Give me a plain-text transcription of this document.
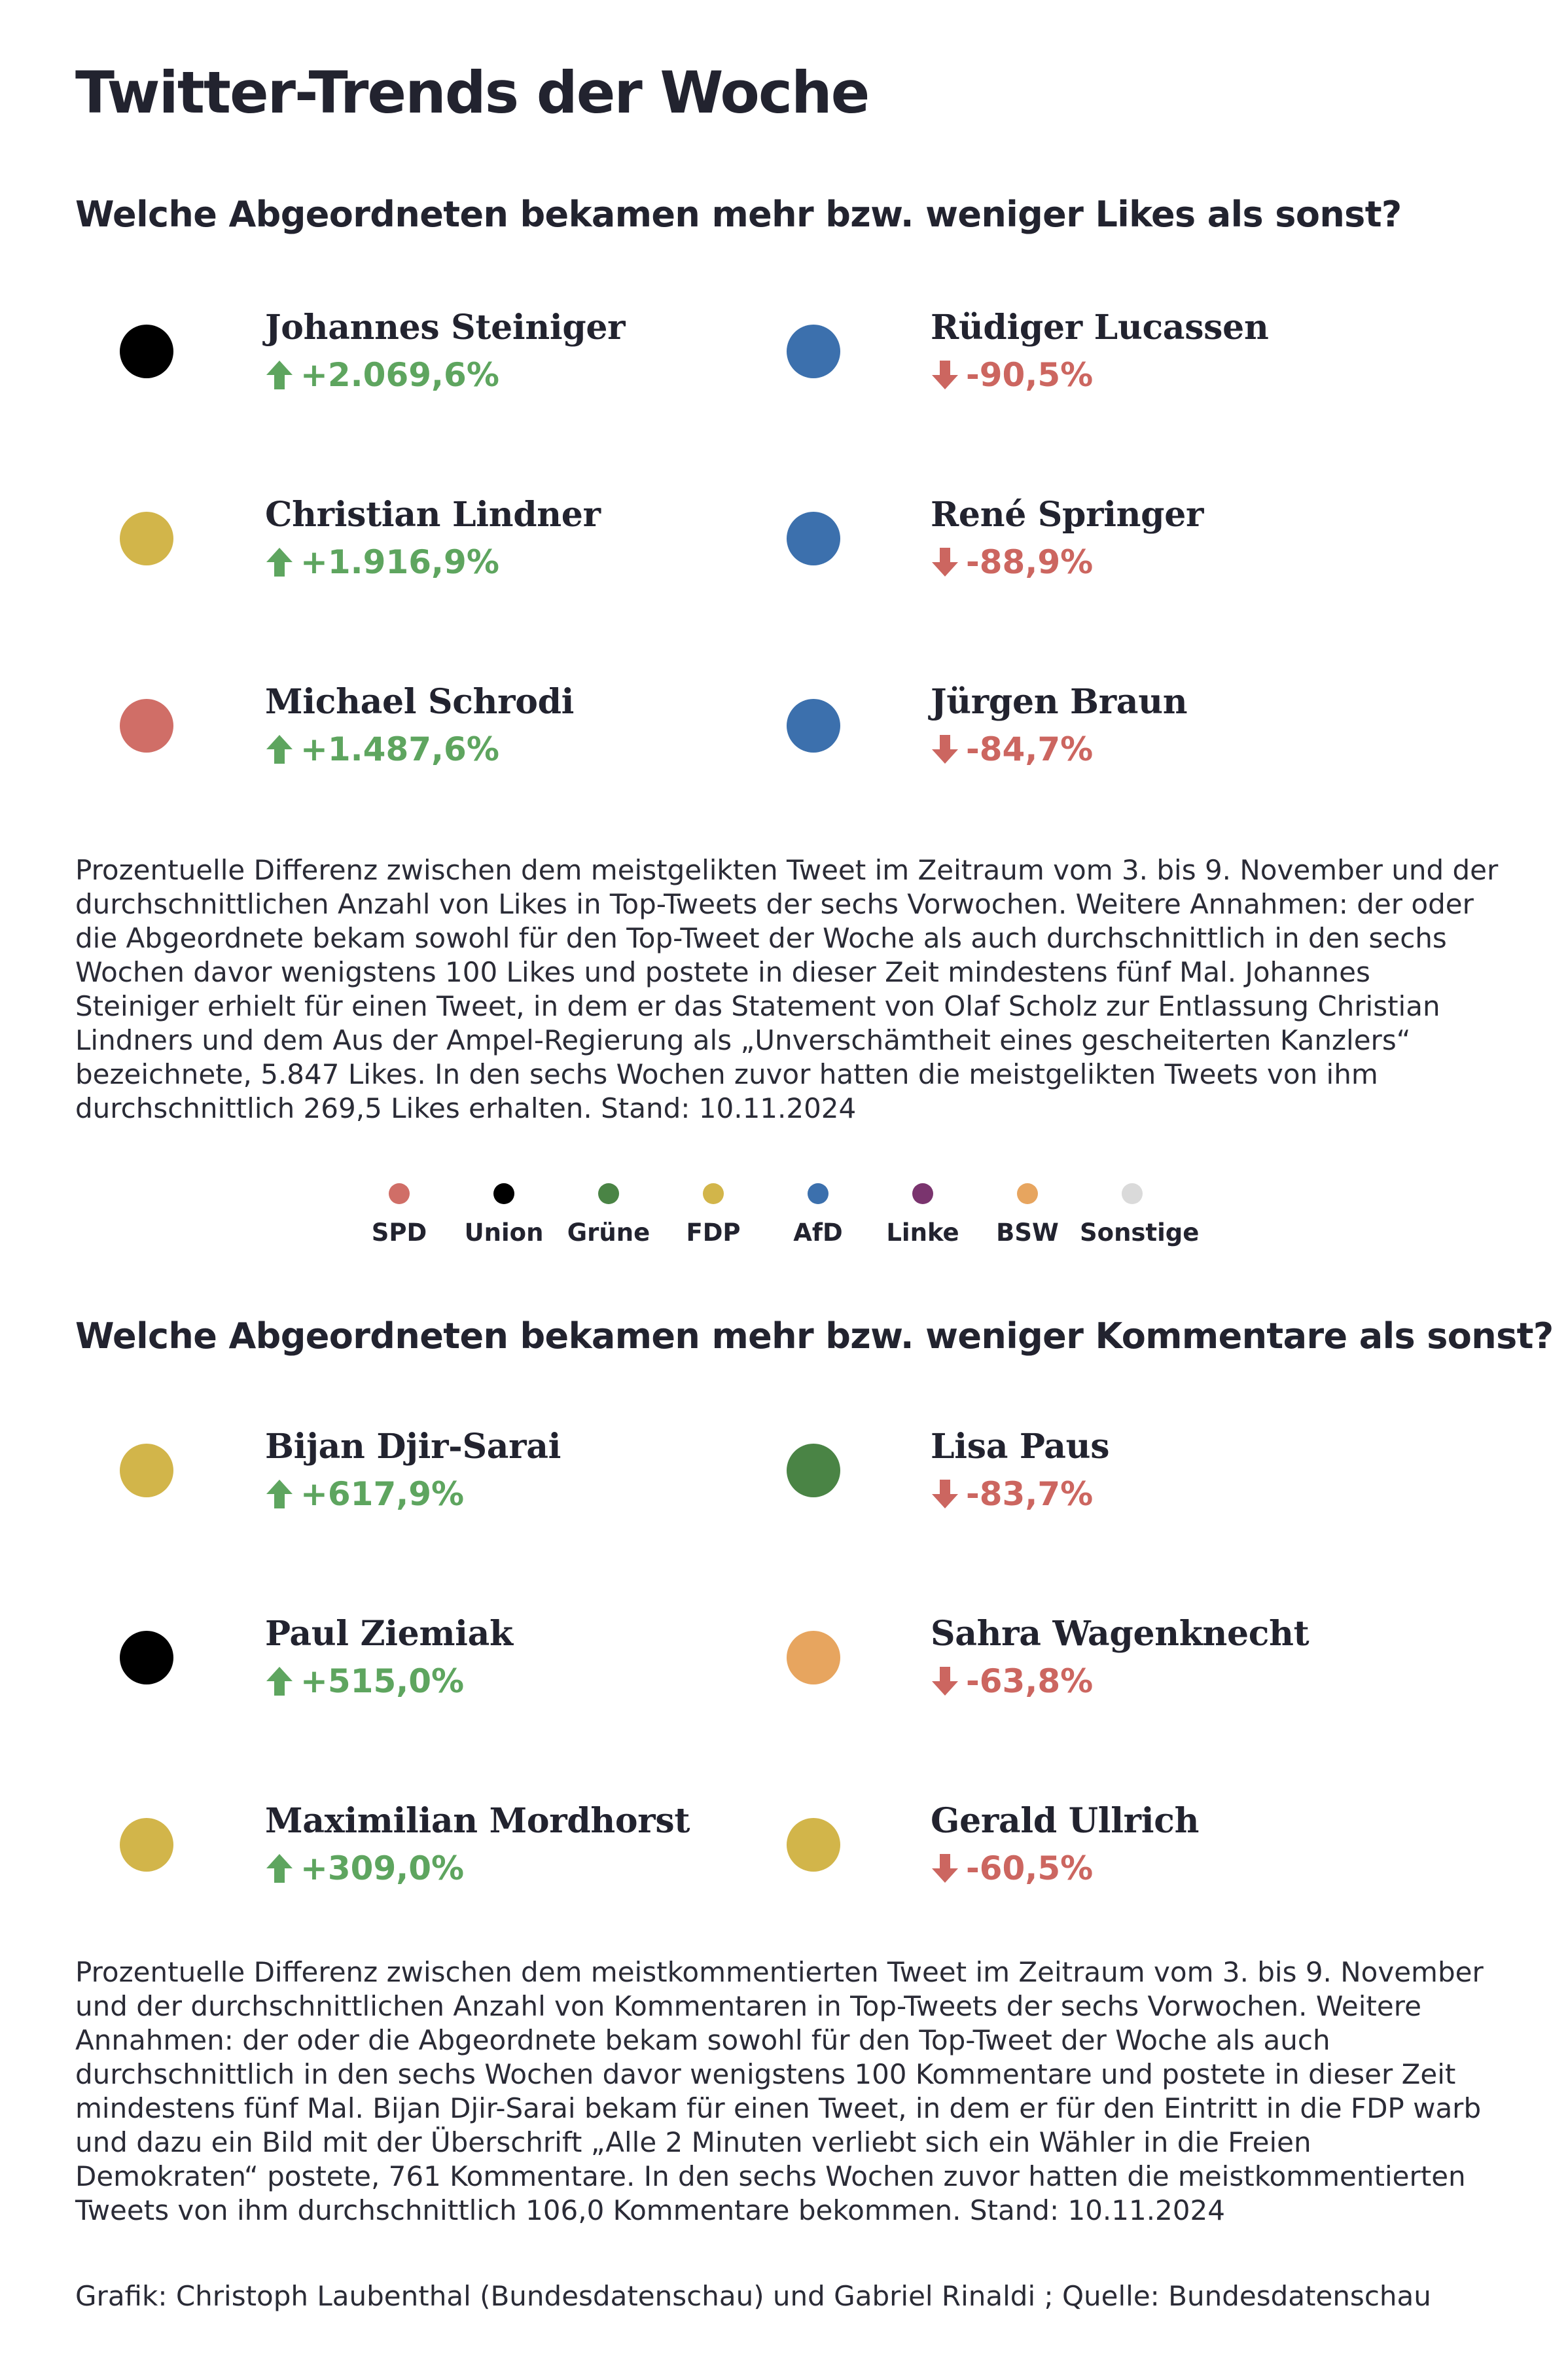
Twitter-Trends der Woche
Welche Abgeordneten bekamen mehr bzw. weniger Likes als sonst?
Johannes Steiniger
+2.069,6%
Christian Lindner
+1.916,9%
Michael Schrodi
+1.487,6%
Rüdiger Lucassen
-90,5%
René Springer
-88,9%
Jürgen Braun
-84,7%
Prozentuelle Differenz zwischen dem meistgelikten Tweet im Zeitraum vom 3. bis 9. November und der durchschnittlichen Anzahl von Likes in Top-Tweets der sechs Vorwochen. Weitere Annahmen: der oder die Abgeordnete bekam sowohl für den Top-Tweet der Woche als auch durchschnittlich in den sechs Wochen davor wenigstens 100 Likes und postete in dieser Zeit mindestens fünf Mal. Johannes Steiniger erhielt für einen Tweet, in dem er das Statement von Olaf Scholz zur Entlassung Christian Lindners und dem Aus der Ampel-Regierung als „Unverschämtheit eines gescheiterten Kanzlers“ bezeichnete, 5.847 Likes. In den sechs Wochen zuvor hatten die meistgelikten Tweets von ihm durchschnittlich 269,5 Likes erhalten. Stand: 10.11.2024
SPD	Union Grüne	FDP	AfD	Linke	BSW Sonstige
Welche Abgeordneten bekamen mehr bzw. weniger Kommentare als sonst?
Bijan Djir-Sarai
+617,9%
Paul Ziemiak
+515,0%
Maximilian Mordhorst
+309,0%
Lisa Paus
-83,7%
Sahra Wagenknecht
-63,8%
Gerald Ullrich
-60,5%
Prozentuelle Differenz zwischen dem meistkommentierten Tweet im Zeitraum vom 3. bis 9. November und der durchschnittlichen Anzahl von Kommentaren in Top-Tweets der sechs Vorwochen. Weitere Annahmen: der oder die Abgeordnete bekam sowohl für den Top-Tweet der Woche als auch durchschnittlich in den sechs Wochen davor wenigstens 100 Kommentare und postete in dieser Zeit mindestens fünf Mal. Bijan Djir-Sarai bekam für einen Tweet, in dem er für den Eintritt in die FDP warb und dazu ein Bild mit der Überschrift „Alle 2 Minuten verliebt sich ein Wähler in die Freien Demokraten“ postete, 761 Kommentare. In den sechs Wochen zuvor hatten die meistkommentierten Tweets von ihm durchschnittlich 106,0 Kommentare bekommen. Stand: 10.11.2024
Grafik: Christoph Laubenthal (Bundesdatenschau) und Gabriel Rinaldi ; Quelle: Bundesdatenschau
